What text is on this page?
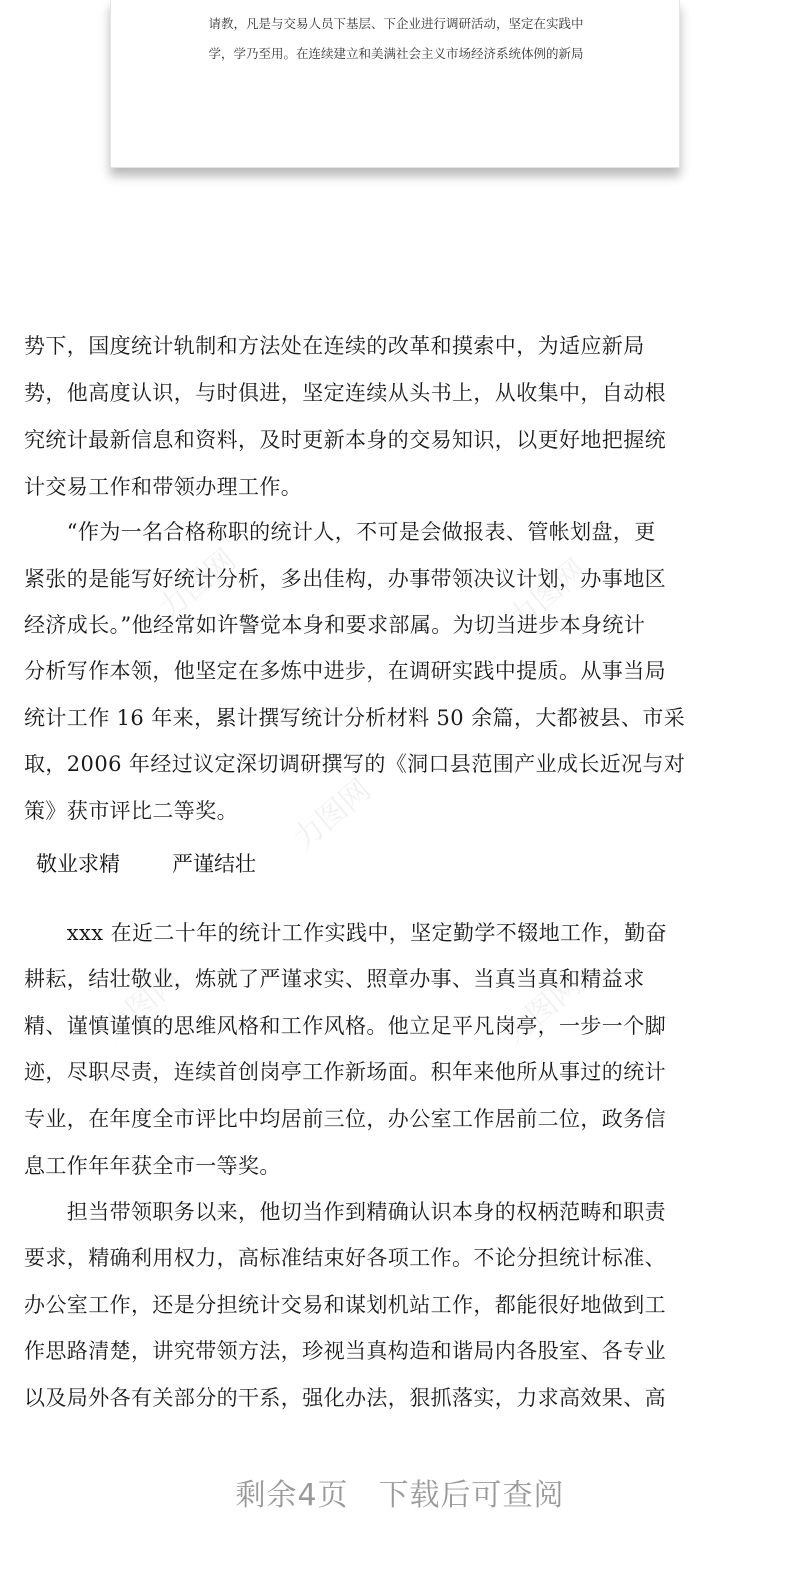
力图网	力图网
力图网
力图网	力图网
请教，凡是与交易人员下基层、下企业进行调研活动，坚定在实践中
学，学乃至用。在连续建立和美满社会主义市场经济系统体例的新局
势下，国度统计轨制和方法处在连续的改革和摸索中，为适应新局
势，他高度认识，与时俱进，坚定连续从头书上，从收集中，自动根
究统计最新信息和资料，及时更新本身的交易知识，以更好地把握统
计交易工作和带领办理工作。
　　“作为一名合格称职的统计人，不可是会做报表、管帐划盘，更
紧张的是能写好统计分析，多出佳构，办事带领决议计划，办事地区
经济成长。”他经常如许警觉本身和要求部属。为切当进步本身统计
分析写作本领，他坚定在多炼中进步，在调研实践中提质。从事当局
统计工作 16 年来，累计撰写统计分析材料 50 余篇，大都被县、市采
取，2006 年经过议定深切调研撰写的《洞口县范围产业成长近况与对
策》获市评比二等奖。
敬业求精 严谨结壮
　　xxx 在近二十年的统计工作实践中，坚定勤学不辍地工作，勤奋
耕耘，结壮敬业，炼就了严谨求实、照章办事、当真当真和精益求
精、谨慎谨慎的思维风格和工作风格。他立足平凡岗亭，一步一个脚
迹，尽职尽责，连续首创岗亭工作新场面。积年来他所从事过的统计
专业，在年度全市评比中均居前三位，办公室工作居前二位，政务信
息工作年年获全市一等奖。
　　担当带领职务以来，他切当作到精确认识本身的权柄范畴和职责
要求，精确利用权力，高标准结束好各项工作。不论分担统计标准、
办公室工作，还是分担统计交易和谋划机站工作，都能很好地做到工
作思路清楚，讲究带领方法，珍视当真构造和谐局内各股室、各专业
以及局外各有关部分的干系，强化办法，狠抓落实，力求高效果、高
剩余4页 下载后可查阅
